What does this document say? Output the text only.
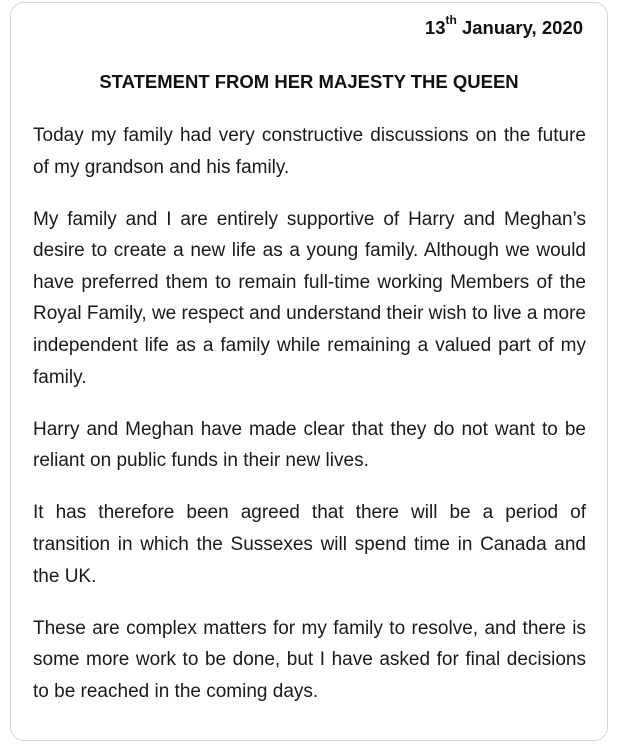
13th January, 2020
STATEMENT FROM HER MAJESTY THE QUEEN

Today my family had very constructive discussions on the future of my grandson and his family.

My family and I are entirely supportive of Harry and Meghan’s desire to create a new life as a young family. Although we would have preferred them to remain full-time working Members of the Royal Family, we respect and understand their wish to live a more independent life as a family while remaining a valued part of my family.

Harry and Meghan have made clear that they do not want to be reliant on public funds in their new lives.

It has therefore been agreed that there will be a period of transition in which the Sussexes will spend time in Canada and the UK.

These are complex matters for my family to resolve, and there is some more work to be done, but I have asked for final decisions to be reached in the coming days.
